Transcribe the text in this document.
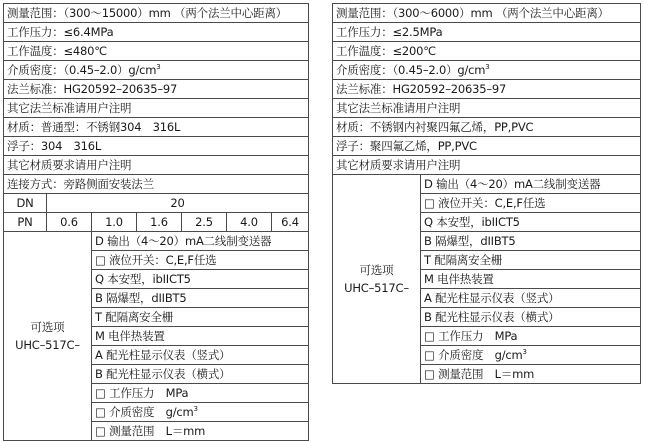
测量范围：（300～15000）mm （两个法兰中心距离）						
工作压力：≤6.4MPa						
工作温度：≤480℃						
介质密度：$(0.45-2.0)g/cm^3$
法兰标准：HG20592–20635–97						
其它法兰标准请用户注明						
材质：普通型：不锈钢304　316L						
浮子：304　316L						
其它材质要求请用户注明						
连接方式：旁路侧面安装法兰						
DN	20					
PN	0.6	1.0	1.6	2.5	4.0	6.4

可选项
UHC–517C–		D 输出（4～20）mA二线制变送器				
		□ 液位开关：C,E,F任选				
		Q 本安型，ibIICT5				
		B 隔爆型，dIIBT5				
		T 配隔离安全栅				
		M 电伴热装置				
		A 配光柱显示仪表（竖式）				
		B 配光柱显示仪表（横式）				
		□ 工作压力　MPa				
		□ 介质密度　$g/cm^3$
		□ 测量范围　L＝mm				
测量范围：（300～6000）mm （两个法兰中心距离）
工作压力：≤2.5MPa
工作温度：≤200℃
介质密度：$(0.45-2.0)g/cm^3$
法兰标准：HG20592–20635–97
其它法兰标准请用户注明
材质：不锈钢内衬聚四氟乙烯，PP,PVC
浮子：聚四氟乙烯，PP,PVC
其它材质要求请用户注明

可选项
UHC–517C–
	D 输出（4～20）mA二线制变送器
□ 液位开关：C,E,F任选
Q 本安型，ibIICT5
B 隔爆型，dIIBT5
T 配隔离安全栅
M 电伴热装置
A 配光柱显示仪表（竖式）
B 配光柱显示仪表（横式）
□ 工作压力　MPa
□ 介质密度　$g/cm^3$
□ 测量范围　L＝mm
